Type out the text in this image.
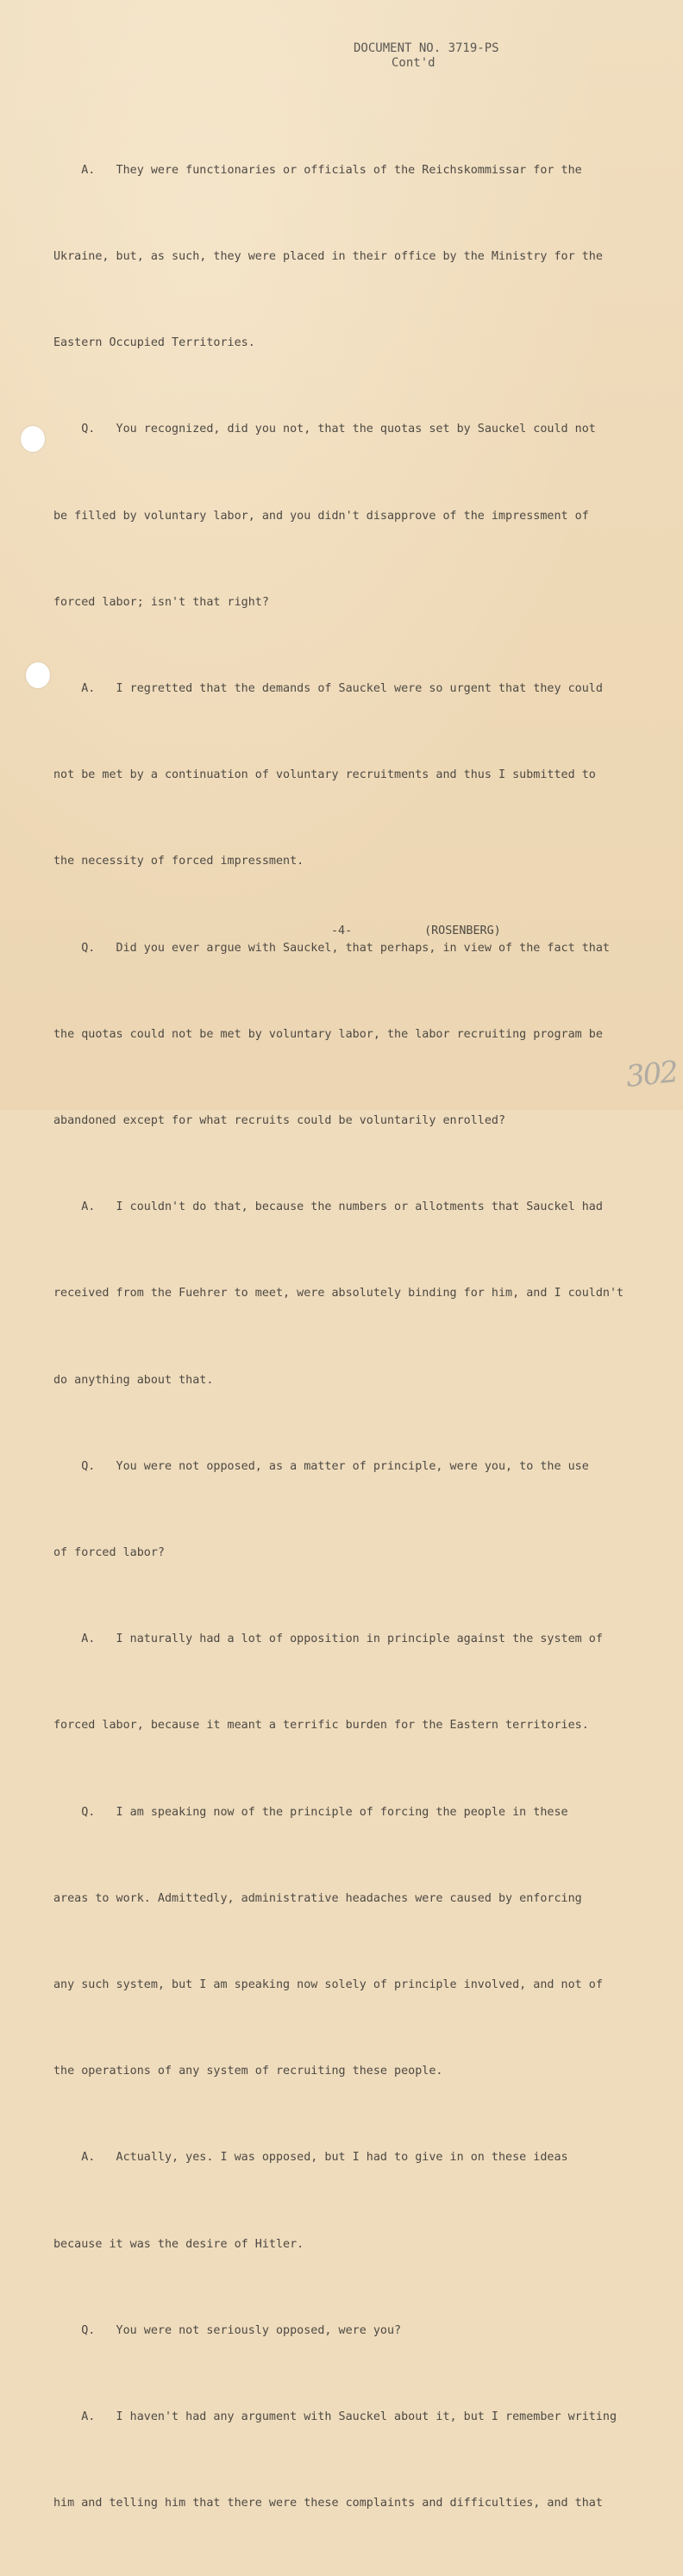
DOCUMENT NO. 3719-PS
Cont'd

A.   They were functionaries or officials of the Reichskommissar for the

Ukraine, but, as such, they were placed in their office by the Ministry for the

Eastern Occupied Territories.

Q.   You recognized, did you not, that the quotas set by Sauckel could not

be filled by voluntary labor, and you didn't disapprove of the impressment of

forced labor; isn't that right?

A.   I regretted that the demands of Sauckel were so urgent that they could

not be met by a continuation of voluntary recruitments and thus I submitted to

the necessity of forced impressment.

Q.   Did you ever argue with Sauckel, that perhaps, in view of the fact that

the quotas could not be met by voluntary labor, the labor recruiting program be

abandoned except for what recruits could be voluntarily enrolled?

A.   I couldn't do that, because the numbers or allotments that Sauckel had

received from the Fuehrer to meet, were absolutely binding for him, and I couldn't

do anything about that.

Q.   You were not opposed, as a matter of principle, were you, to the use

of forced labor?

A.   I naturally had a lot of opposition in principle against the system of

forced labor, because it meant a terrific burden for the Eastern territories.

Q.   I am speaking now of the principle of forcing the people in these

areas to work. Admittedly, administrative headaches were caused by enforcing

any such system, but I am speaking now solely of principle involved, and not of

the operations of any system of recruiting these people.

A.   Actually, yes. I was opposed, but I had to give in on these ideas

because it was the desire of Hitler.

Q.   You were not seriously opposed, were you?

A.   I haven't had any argument with Sauckel about it, but I remember writing

him and telling him that there were these complaints and difficulties, and that

-4-	(ROSENBERG)
302
